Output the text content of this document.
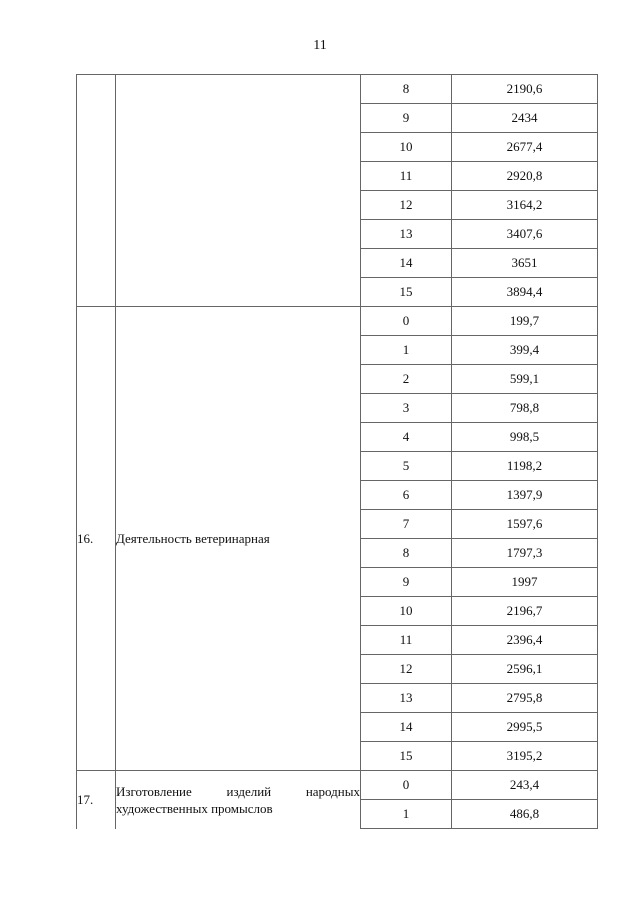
11
		8	2190,6
		9	2434
		10	2677,4
		11	2920,8
		12	3164,2
		13	3407,6
		14	3651
		15	3894,4
16.	Деятельность ветеринарная	0	199,7
		1	399,4
		2	599,1
		3	798,8
		4	998,5
		5	1198,2
		6	1397,9
		7	1597,6
		8	1797,3
		9	1997
		10	2196,7
		11	2396,4
		12	2596,1
		13	2795,8
		14	2995,5
		15	3195,2
17.	Изготовление изделий народных художественных промыслов	0	243,4
		1	486,8
